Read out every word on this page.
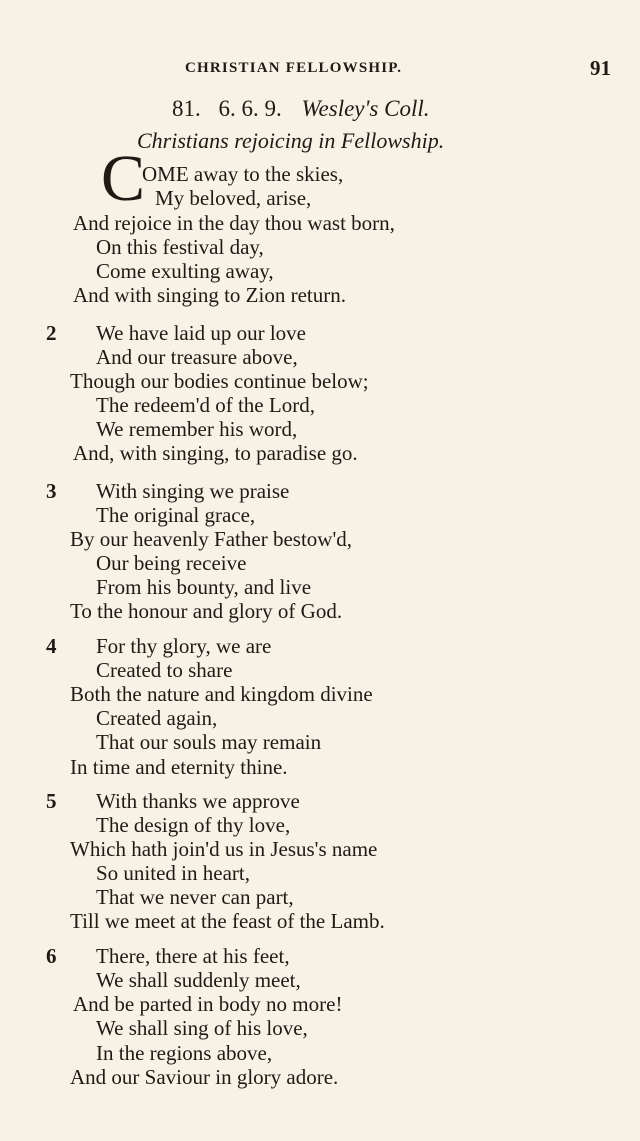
CHRISTIAN FELLOWSHIP.	91
81. 6. 6. 9. Wesley's Coll.
Christians rejoicing in Fellowship.
C
OME away to the skies,
My beloved, arise,
And rejoice in the day thou wast born,
On this festival day,
Come exulting away,
And with singing to Zion return.
2 We have laid up our love
And our treasure above,
Though our bodies continue below;
The redeem'd of the Lord,
We remember his word,
And, with singing, to paradise go.
3 With singing we praise
The original grace,
By our heavenly Father bestow'd,
Our being receive
From his bounty, and live
To the honour and glory of God.
4 For thy glory, we are
Created to share
Both the nature and kingdom divine
Created again,
That our souls may remain
In time and eternity thine.
5 With thanks we approve
The design of thy love,
Which hath join'd us in Jesus's name
So united in heart,
That we never can part,
Till we meet at the feast of the Lamb.
6 There, there at his feet,
We shall suddenly meet,
And be parted in body no more!
We shall sing of his love,
In the regions above,
And our Saviour in glory adore.
